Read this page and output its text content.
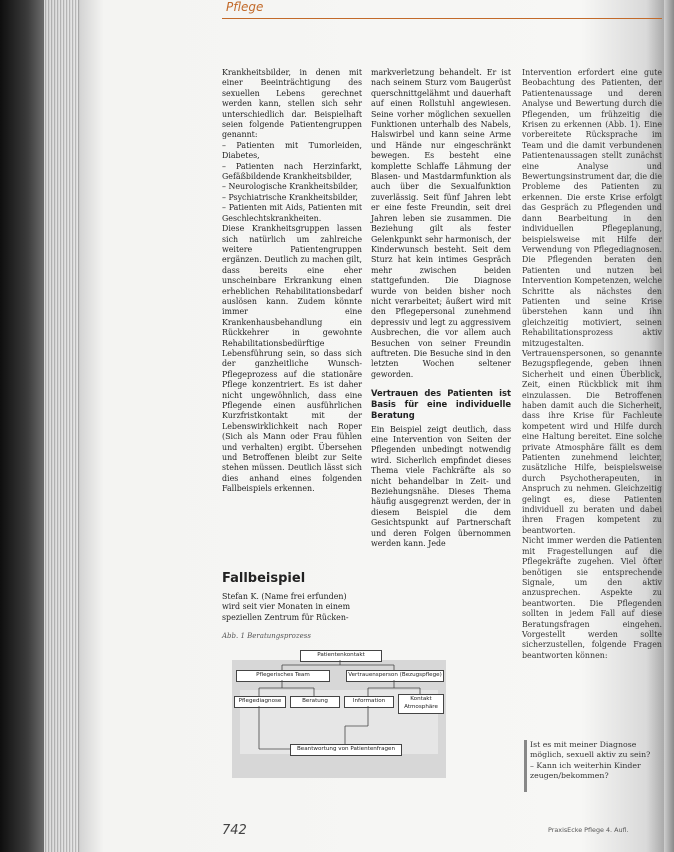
Pflege

Krankheitsbilder, in denen mit einer Beeinträchtigung des sexuellen Lebens gerechnet werden kann, stellen sich sehr unterschiedlich dar. Beispielhaft seien folgende Patientengruppen genannt:

– Patienten mit Tumorleiden, Diabetes,

– Patienten nach Herzinfarkt, Gefäßbildende Krankheitsbilder,

– Neurologische Krankheitsbilder,

– Psychiatrische Krankheitsbilder,

– Patienten mit Aids, Patienten mit Geschlechtskrankheiten.

Diese Krankheitsgruppen lassen sich natürlich um zahlreiche weitere Patientengruppen ergänzen. Deutlich zu machen gilt, dass bereits eine eher unscheinbare Erkrankung einen erheblichen Rehabilitationsbedarf auslösen kann. Zudem könnte immer eine Krankenhausbehandlung ein Rückkehrer in gewohnte Rehabilitationsbedürftige Lebensführung sein, so dass sich der ganzheitliche Wunsch-Pflegeprozess auf die stationäre Pflege konzentriert. Es ist daher nicht ungewöhnlich, dass eine Pflegende einen ausführlichen Kurzfristkontakt mit der Lebenswirklichkeit nach Roper (Sich als Mann oder Frau fühlen und verhalten) ergibt. Übersehen und Betroffenen bleibt zur Seite stehen müssen. Deutlich lässt sich dies anhand eines folgenden Fallbeispiels erkennen.

Fallbeispiel
Stefan K. (Name frei erfunden) wird seit vier Monaten in einem speziellen Zentrum für Rücken-
Abb. 1 Beratungsprozess
Patientenkontakt
Pflegerisches Team	Vertrauensperson (Bezugspflege)
Pflegediagnose	Beratung	Information	Kontakt Atmosphäre
Beantwortung von Patientenfragen

markverletzung behandelt. Er ist nach seinem Sturz vom Baugerüst querschnittgelähmt und dauerhaft auf einen Rollstuhl angewiesen. Seine vorher möglichen sexuellen Funktionen unterhalb des Nabels, Halswirbel und kann seine Arme und Hände nur eingeschränkt bewegen. Es besteht eine komplette Schlaffe Lähmung der Blasen- und Mastdarmfunktion als auch über die Sexualfunktion zuverlässig. Seit fünf Jahren lebt er eine feste Freundin, seit drei Jahren leben sie zusammen. Die Beziehung gilt als fester Gelenkpunkt sehr harmonisch, der Kinderwunsch besteht. Seit dem Sturz hat kein intimes Gespräch mehr zwischen beiden stattgefunden. Die Diagnose wurde von beiden bisher noch nicht verarbeitet; äußert wird mit den Pflegepersonal zunehmend depressiv und legt zu aggressivem Ausbrechen, die vor allem auch Besuchen von seiner Freundin auftreten. Die Besuche sind in den letzten Wochen seltener geworden.

Vertrauen des Patienten ist Basis für eine individuelle Beratung

Ein Beispiel zeigt deutlich, dass eine Intervention von Seiten der Pflegenden unbedingt notwendig wird. Sicherlich empfindet dieses Thema viele Fachkräfte als so nicht behandelbar in Zeit- und Beziehungsnähe. Dieses Thema häufig ausgegrenzt werden, der in diesem Beispiel die dem Gesichtspunkt auf Partnerschaft und deren Folgen übernommen werden kann. Jede

Intervention erfordert eine gute Beobachtung des Patienten, der Patientenaussage und deren Analyse und Bewertung durch die Pflegenden, um frühzeitig die Krisen zu erkennen (Abb. 1). Eine vorbereitete Rücksprache im Team und die damit verbundenen Patientenaussagen stellt zunächst eine Analyse und Bewertungsinstrument dar, die die Probleme des Patienten zu erkennen. Die erste Krise erfolgt das Gespräch zu Pflegenden und dann Bearbeitung in den individuellen Pflegeplanung, beispielsweise mit Hilfe der Verwendung von Pflegediagnosen. Die Pflegenden beraten den Patienten und nutzen bei Intervention Kompetenzen, welche Schritte als nächstes den Patienten und seine Krise überstehen kann und ihn gleichzeitig motiviert, seinen Rehabilitationsprozess aktiv mitzugestalten.

Vertrauenspersonen, so genannte Bezugspflegende, geben ihnen Sicherheit und einen Überblick, Zeit, einen Rückblick mit ihm einzulassen. Die Betroffenen haben damit auch die Sicherheit, dass ihre Krise für Fachleute kompetent wird und Hilfe durch eine Haltung bereitet. Eine solche private Atmosphäre fällt es dem Patienten zunehmend leichter, zusätzliche Hilfe, beispielsweise durch Psychotherapeuten, in Anspruch zu nehmen. Gleichzeitig gelingt es, diese Patienten individuell zu beraten und dabei ihren Fragen kompetent zu beantworten.

Nicht immer werden die Patienten mit Fragestellungen auf die Pflegekräfte zugehen. Viel öfter benötigen sie entsprechende Signale, um den aktiv anzusprechen. Aspekte zu beantworten. Die Pflegenden sollten in jedem Fall auf diese Beratungsfragen eingehen. Vorgestellt werden sollte sicherzustellen, folgende Fragen beantworten können:

Ist es mit meiner Diagnose möglich, sexuell aktiv zu sein?

– Kann ich weiterhin Kinder zeugen/bekommen?

742	PraxisEcke Pflege 4. Aufl.
